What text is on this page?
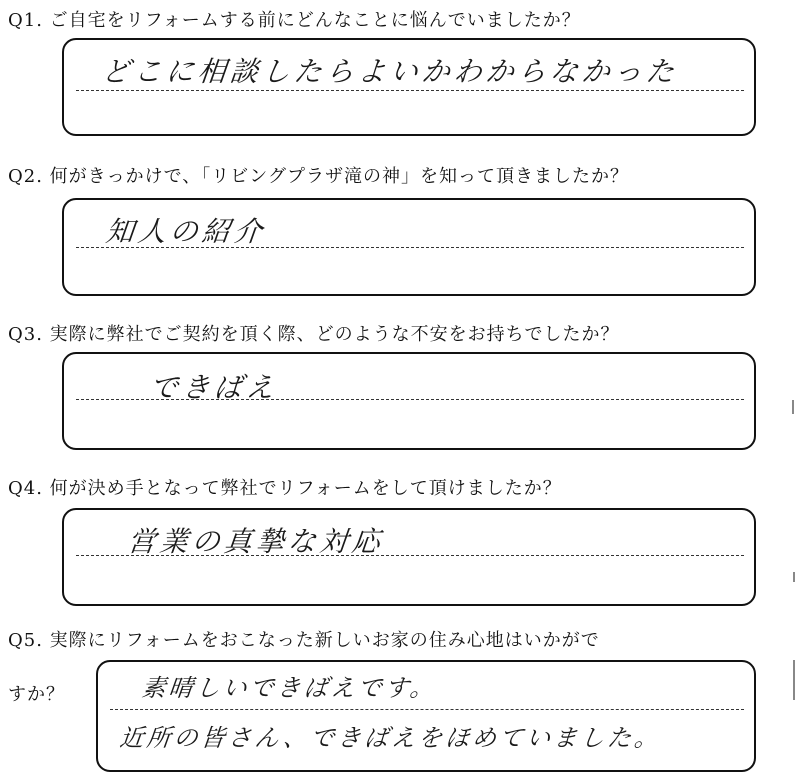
Q1. ご自宅をリフォームする前にどんなことに悩んでいましたか？
どこに相談したらよいかわからなかった
Q2. 何がきっかけで、「リビングプラザ滝の神」を知って頂きましたか？
知人の紹介
Q3. 実際に弊社でご契約を頂く際、どのような不安をお持ちでしたか？
できばえ
Q4. 何が決め手となって弊社でリフォームをして頂けましたか？
営業の真摯な対応
Q5. 実際にリフォームをおこなった新しいお家の住み心地はいかがで
すか？	素晴しいできばえです。
近所の皆さん、できばえをほめていました。
